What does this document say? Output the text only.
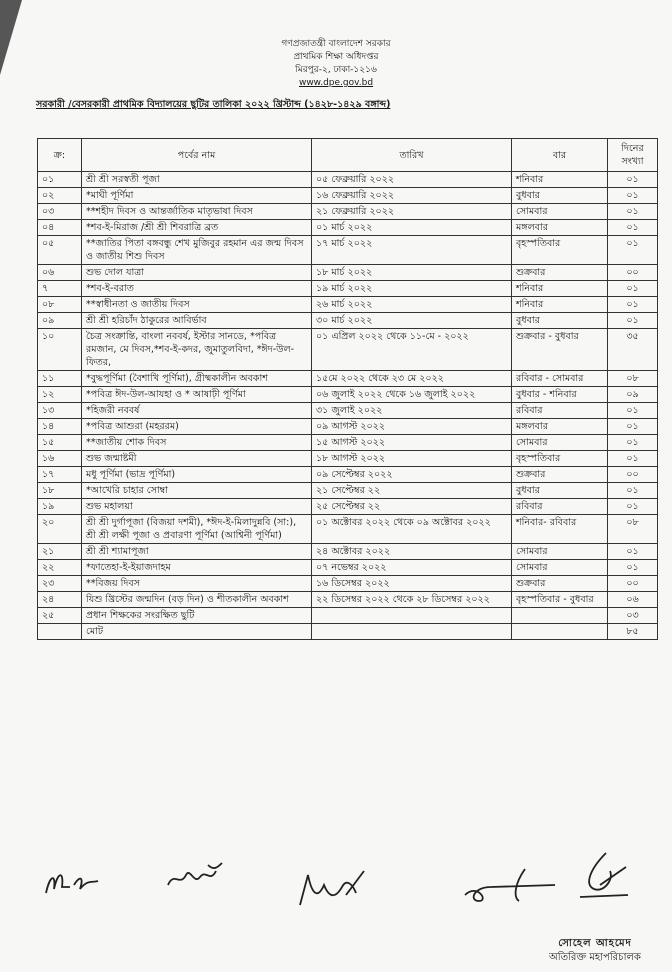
গণপ্রজাতন্ত্রী বাংলাদেশ সরকার
প্রাথমিক শিক্ষা অধিদপ্তর
মিরপুর-২, ঢাকা-১২১৬
www.dpe.gov.bd
সরকারী /বেসরকারী প্রাথমিক বিদ্যালয়ের ছুটির তালিকা ২০২২ খ্রিস্টাব্দ (১৪২৮-১৪২৯ বঙ্গাব্দ)
ক্র:	পর্বের নাম	তারিখ	বার	দিনের সংখ্যা
০১	শ্রী শ্রী সরস্বতী পূজা	০৫ ফেব্রুয়ারি ২০২২	শনিবার	০১
০২	*মাঘী পূর্ণিমা	১৬ ফেব্রুয়ারি ২০২২	বুধবার	০১
০৩	**শহীদ দিবস ও আন্তর্জাতিক মাতৃভাষা দিবস	২১ ফেব্রুয়ারি ২০২২	সোমবার	০১
০৪	*শব-ই-মিরাজ /শ্রী শ্রী শিবরাত্রি ব্রত	০১ মার্চ ২০২২	মঙ্গলবার	০১
০৫	**জাতির পিতা বঙ্গবন্ধু শেখ মুজিবুর রহমান এর জন্ম দিবস ও জাতীয় শিশু দিবস	১৭ মার্চ ২০২২	বৃহস্পতিবার	০১
০৬	শুভ দোল যাত্রা	১৮ মার্চ ২০২২	শুক্রবার	০০
৭	*শব-ই-বরাত	১৯ মার্চ ২০২২	শনিবার	০১
০৮	**স্বাধীনতা ও জাতীয় দিবস	২৬ মার্চ ২০২২	শনিবার	০১
০৯	শ্রী শ্রী হরিচাঁদ ঠাকুরের আবির্ভাব	৩০ মার্চ ২০২২	বুধবার	০১
১০	চৈত্র সংক্রান্তি, বাংলা নববর্ষ, ইস্টার সানডে, *পবিত্র রমজান, মে দিবস,*শব-ই-কদর, জুমাতুলবিদা, *ঈদ-উল-ফিতর,	০১ এপ্রিল ২০২২ থেকে ১১-মে - ২০২২	শুক্রবার - বুধবার	৩৫
১১	*বুদ্ধপূর্ণিমা (বৈশাখি পূর্ণিমা), গ্রীষ্মকালীন অবকাশ	১৫মে ২০২২ থেকে ২৩ মে ২০২২	রবিবার - সোমবার	০৮
১২	*পবিত্র ঈদ-উল-আযহা ও * আষাঢ়ী পূর্ণিমা	০৬ জুলাই ২০২২ থেকে ১৬ জুলাই ২০২২	বুধবার - শনিবার	০৯
১৩	*হিজরী নববর্ষ	৩১ জুলাই ২০২২	রবিবার	০১
১৪	*পবিত্র আশুরা (মহররম)	০৯ আগস্ট ২০২২	মঙ্গলবার	০১
১৫	**জাতীয় শোক দিবস	১৫ আগস্ট ২০২২	সোমবার	০১
১৬	শুভ জন্মাষ্টমী	১৮ আগস্ট ২০২২	বৃহস্পতিবার	০১
১৭	মধু পূর্ণিমা (ভাদ্র পূর্ণিমা)	০৯ সেপ্টেম্বর ২০২২	শুক্রবার	০০
১৮	*আখেরি চাহার সোম্বা	২১ সেপ্টেম্বর ২২	বুধবার	০১
১৯	শুভ মহালয়া	২৫ সেপ্টেম্বর ২২	রবিবার	০১
২০	শ্রী শ্রী দুর্গাপূজা (বিজয়া দশমী), *ঈদ-ই-মিলাদুন্নবি (সা:), শ্রী শ্রী লক্ষী পূজা ও প্রবারণা পূর্ণিমা (আশ্বিনী পূর্ণিমা)	০১ অক্টোবর ২০২২ থেকে ০৯ অক্টোবর ২০২২	শনিবার- রবিবার	০৮
২১	শ্রী শ্রী শ্যামাপূজা	২৪ অক্টোবর ২০২২	সোমবার	০১
২২	*ফাতেহা-ই-ইয়াজদাহম	০৭ নভেম্বর ২০২২	সোমবার	০১
২৩	**বিজয় দিবস	১৬ ডিসেম্বর ২০২২	শুক্রবার	০০
২৪	যিশু খ্রিস্টের জন্মদিন (বড় দিন) ও শীতকালীন অবকাশ	২২ ডিসেম্বর ২০২২ থেকে ২৮ ডিসেম্বর ২০২২	বৃহস্পতিবার - বুধবার	০৬
২৫	প্রধান শিক্ষকের সংরক্ষিত ছুটি			০৩
	মোট			৮৫
সোহেল আহমেদ
অতিরিক্ত মহাপরিচালক
